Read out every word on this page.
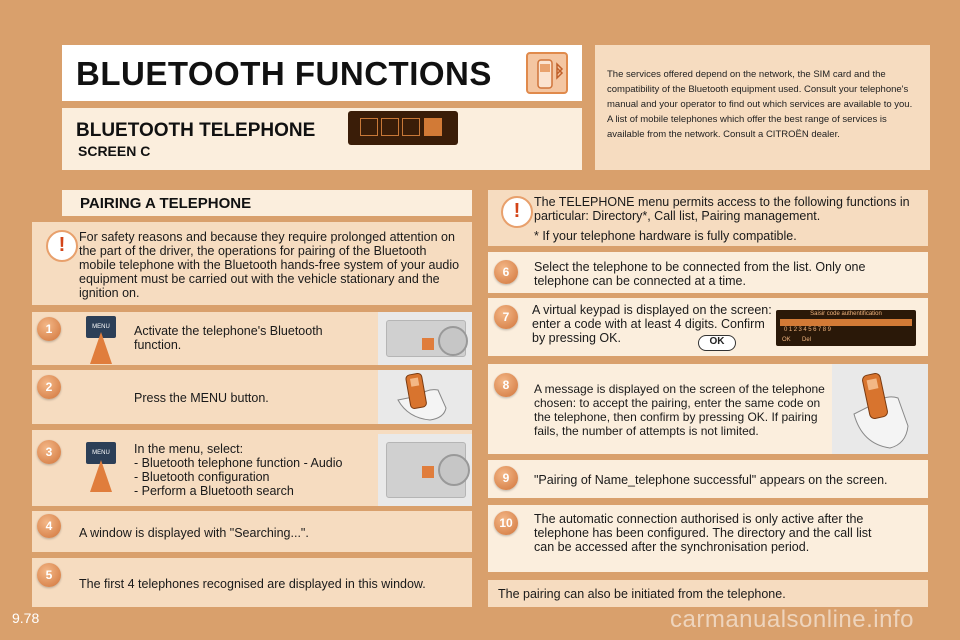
9.78
BLUETOOTH FUNCTIONS
BLUETOOTH TELEPHONE
SCREEN C
The services offered depend on the network, the SIM card and the compatibility of the Bluetooth equipment used. Consult your telephone's manual and your operator to find out which services are available to you. A list of mobile telephones which offer the best range of services is available from the network. Consult a CITROËN dealer.
PAIRING A TELEPHONE
!	For safety reasons and because they require prolonged attention on the part of the driver, the operations for pairing of the Bluetooth mobile telephone with the Bluetooth hands-free system of your audio equipment must be carried out with the vehicle stationary and the ignition on.
1	MENU	Activate the telephone's Bluetooth function.
2
Press the MENU button.
3	MENU	In the menu, select:
- Bluetooth telephone function - Audio
- Bluetooth configuration
- Perform a Bluetooth search
4	A window is displayed with "Searching...".
5
The first 4 telephones recognised are displayed in this window.
!	The TELEPHONE menu permits access to the following functions in particular: Directory*, Call list, Pairing management.
* If your telephone hardware is fully compatible.
6	Select the telephone to be connected from the list. Only one telephone can be connected at a time.
7	A virtual keypad is displayed on the screen: enter a code with at least 4 digits. Confirm by pressing OK.	OK
Saisir code authentification
0123456789
OK Del
8	A message is displayed on the screen of the telephone chosen: to accept the pairing, enter the same code on the telephone, then confirm by pressing OK. If pairing fails, the number of attempts is not limited.
9	"Pairing of Name_telephone successful" appears on the screen.
10	The automatic connection authorised is only active after the telephone has been configured. The directory and the call list can be accessed after the synchronisation period.
The pairing can also be initiated from the telephone.
carmanualsonline.info
